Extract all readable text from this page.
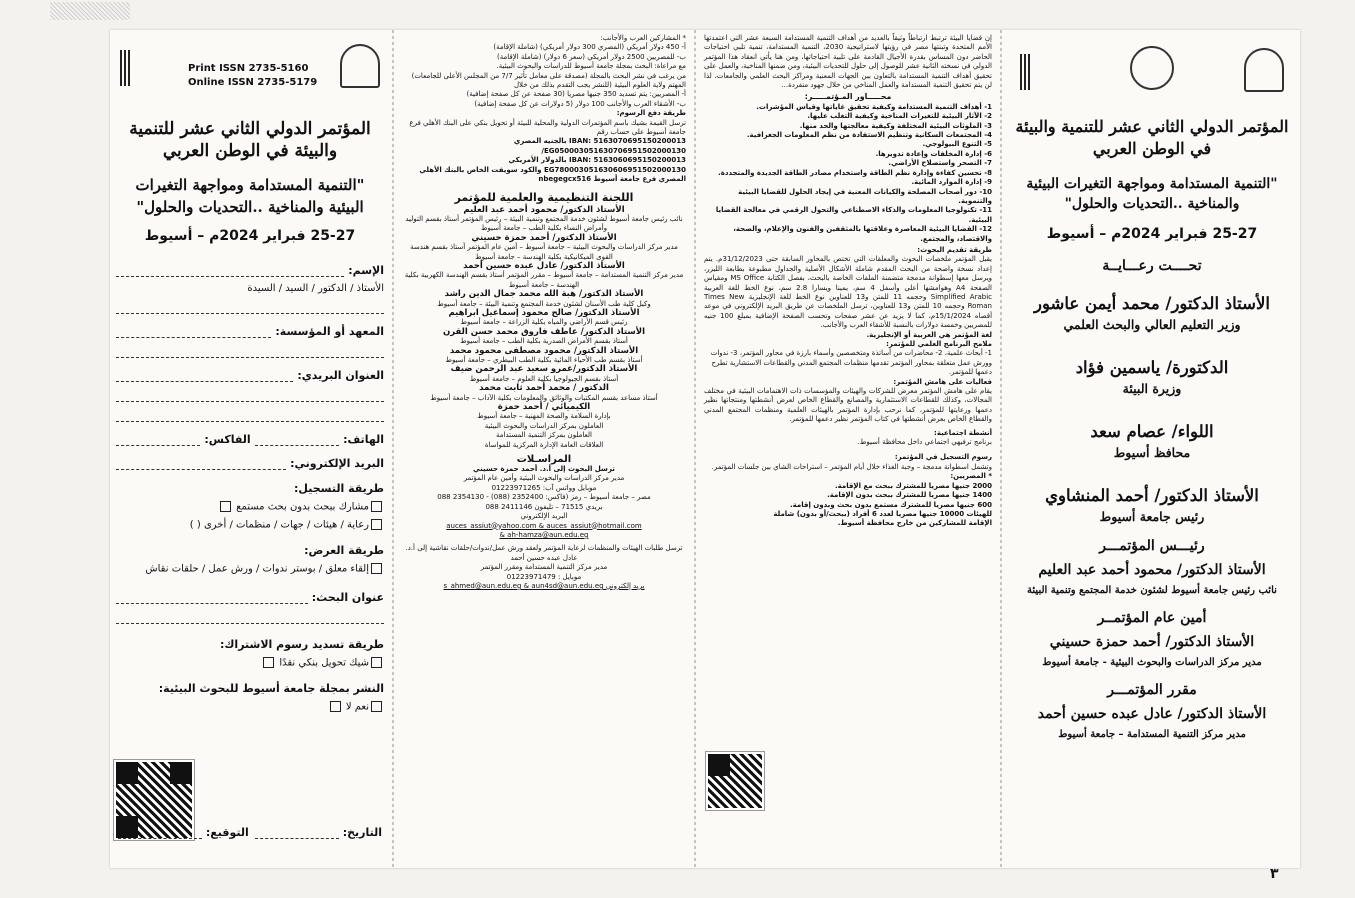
Print ISSN 2735-5160
Online ISSN 2735-5179
المؤتمر الدولي الثاني عشر للتنمية والبيئة في الوطن العربي
"التنمية المستدامة ومواجهة التغيرات البيئية والمناخية ..التحديات والحلول"
25-27 فبراير 2024م – أسيوط
الإسم:
الأستاذ / الدكتور / السيد / السيدة
المعهد أو المؤسسة:
العنوان البريدي:
الهاتف:
الفاكس:
البريد الإلكتروني:
طريقة التسجيل:
مشارك ببحث بدون بحث مستمع
رعاية / هيئات / جهات / منظمات / أخرى ( )
طريقة العرض:
إلقاء معلق / بوستر ندوات / ورش عمل / حلقات نقاش
عنوان البحث:
طريقة تسديد رسوم الاشتراك:
شيك تحويل بنكي نقدًا
النشر بمجلة جامعة أسيوط للبحوث البيئية:
نعم لا
التاريخ:
التوقيع:
* المشاركين العرب والأجانب:
أ- 450 دولار أمريكي (المصري 300 دولار أمريكي) (شاملة الإقامة)
ب- للمصريين 2500 دولار أمريكي (سعر 6 دولار) (شاملة الإقامة)
مع مراعاة: البحث بمجلة جامعة أسيوط للدراسات والبحوث البيئية.
من يرغب في نشر البحث بالمجلة (مصدقة على معامل تأثير 7/7 من المجلس الأعلى للجامعات) المهتم ولاية العلوم البيئية (للنشر يجب التقدم بذلك من خلال
أ- المصريين: يتم تسديد 350 جنيها مصريا (30 صفحة عن كل صفحة إضافية)
ب- الأشقاء العرب والأجانب 100 دولار (5 دولارات عن كل صفحة إضافية)
طريقة دفع الرسوم:
ترسل القيمة بشيك باسم المؤتمرات الدولية والمحلية للبيئة أو تحويل بنكي على البنك الأهلي فرع جامعة أسيوط على حساب رقم
IBAN: 5163070695150200013 بالجنيه المصري
/EG050003051630706951502000130
IBAN: 5163060695150200013 بالدولار الأمريكي
EG780003051630606951502000130 والكود سويفت الخاص بالبنك الأهلي المصري فرع جامعة أسيوط nbegegcx516
اللجنة التنظيمية والعلمية للمؤتمر
الأستاذ الدكتور/ محمود أحمد عبد العليم
نائب رئيس جامعة أسيوط لشئون خدمة المجتمع وتنمية البيئة – رئيس المؤتمر أستاذ بقسم التوليد وأمراض النساء بكلية الطب – جامعة أسيوط
الأستاذ الدكتور/ أحمد حمزة حسيني
مدير مركز الدراسات والبحوث البيئية – جامعة أسيوط – أمين عام المؤتمر أستاذ بقسم هندسة القوى الميكانيكية بكلية الهندسة – جامعة أسيوط
الأستاذ الدكتور/ عادل عبده حسين أحمد
مدير مركز التنمية المستدامة – جامعة أسيوط – مقرر المؤتمر أستاذ بقسم الهندسة الكهربية بكلية الهندسة – جامعة أسيوط
الأستاذ الدكتور/ هبة الله محمد جمال الدين راشد
وكيل كلية طب الأسنان لشئون خدمة المجتمع وتنمية البيئة – جامعة أسيوط
الأستاذ الدكتور/ صالح محمود إسماعيل ابراهيم
رئيس قسم الأراضي والمياه بكلية الزراعة – جامعة أسيوط
الأستاذ الدكتور/ عاطف فاروق محمد حسن القرن
أستاذ بقسم الأمراض الصدرية بكلية الطب – جامعة أسيوط
الأستاذ الدكتور/ محمود مصطفى محمود محمد
أستاذ بقسم طب الأحياء المائية بكلية الطب البيطري – جامعة أسيوط
الأستاذ الدكتور/عمرو سعيد عبد الرحمن ضيف
أستاذ بقسم الجيولوجيا بكلية العلوم – جامعة أسيوط
الدكتور / محمد أحمد ثابت محمد
أستاذ مساعد بقسم المكتبات والوثائق والمعلومات بكلية الآداب – جامعة أسيوط
الكيميائي / أحمد حمزة
بإدارة السلامة والصحة المهنية – جامعة أسيوط
العاملون بمركز الدراسات والبحوث البيئية
العاملون بمركز التنمية المستدامة
العلاقات العامة الإدارة المركزية للمواساة
المراسـلات
ترسل البحوث إلى أ.د. أحمد حمزة حسيني
مدير مركز الدراسات والبحوث البيئية وأمين عام المؤتمر
موبايل وواتس آب: 01223971265
مصر – جامعة أسيوط – رمز (فاكس: 2352400 (088) - 2354130 088
بريدي 71515 – تليفون 2411146 088
البريد الإلكتروني
auces_assiut@yahoo.com & auces_assiut@hotmail.com
& ah-hamza@aun.edu.eg
ترسل طلبات الهيئات والمنظمات لرعاية المؤتمر ولعقد ورش عمل/ندوات/حلقات نقاشية إلى أ.د. عادل عبده حسين أحمد
مدير مركز التنمية المستدامة ومقرر المؤتمر
موبايل : 01223971479
بريد إلكتروني s_ahmed@aun.edu.eg & aun4sd@aun.edu.eg
إن قضايا البيئة ترتبط ارتباطاً وثيقاً بالعديد من أهداف التنمية المستدامة السبعة عشر التي اعتمدتها الأمم المتحدة وتبنتها مصر في رؤيتها لاستراتيجية 2030، التنمية المستدامة، تنمية تلبي احتياجات الحاضر دون المساس بقدرة الأجيال القادمة على تلبية احتياجاتها، ومن هنا يأتي انعقاد هذا المؤتمر الدولي في نسخته الثانية عشر للوصول إلى حلول للتحديات البيئية، ومن ضمنها المناخية، والعمل على تحقيق أهداف التنمية المستدامة بالتعاون بين الجهات المعنية ومراكز البحث العلمي والجامعات، لذا لن يتم تحقيق التنمية المستدامة والعمل المناخي من خلال جهود منفردة...
محـــــاور المـؤتمـــــر:
1- أهداف التنمية المستدامة وكيفية تحقيق غاياتها وقياس المؤشرات.
2- الآثار البيئية للتغيرات المناخية وكيفية التغلب عليها.
3- الملوثات البيئية المختلفة وكيفية معالجتها والحد منها.
4- المجتمعات السكانية وتنظيم الاستفادة من نظم المعلومات الجغرافية.
5- التنوع البيولوجي.
6- إدارة المخلفات وإعادة تدويرها.
7- التصحر واستصلاح الأراضي.
8- تحسين كفاءة وإدارة نظم الطاقة واستخدام مصادر الطاقة الجديدة والمتجددة.
9- إدارة الموارد المائية.
10- دور أصحاب المصلحة والكيانات المعنية في إيجاد الحلول للقضايا البيئية والتنموية.
11- تكنولوجيا المعلومات والذكاء الاصطناعي والتحول الرقمي في معالجة القضايا البيئية.
12- القضايا البيئية المعاصرة وعلاقتها بالمثقفين والفنون والإعلام، والصحة، والاقتصاد، والمجتمع.
طريقة تقديم البحوث:
يقبل المؤتمر ملخصات البحوث والمعلقات التي تختص بالمحاور السابقة حتى 31/12/2023م. يتم إعداد نسخة واضحة من البحث المقدم شاملة الأشكال الأصلية والجداول مطبوعة بطابعة الليزر، ويرسل معها إسطوانة مدمجة متضمنة الملفات الخاصة بالبحث، بفصل الكتابة MS Office ومقياس الصفحة A4 وهوامشها أعلى وأسفل 4 سم، يمينا ويسارا 2.8 سم، نوع الخط للغة العربية Simplified Arabic وحجمه 11 للمتن و13 للعناوين نوع الخط للغة الإنجليزية Times New Roman وحجمه 10 للمتن و13 للعناوين، ترسل الملخصات عن طريق البريد الإلكتروني في موعد أقصاه 15/1/2024م، كما لا يزيد عن عشر صفحات وتحسب الصفحة الإضافية بمبلغ 100 جنيه للمصريين وخمسة دولارات بالنسبة للأشقاء العرب والأجانب.
لغة المؤتمر هي العربية أو الإنجليزية.
ملامح البرنامج العلمي للمؤتمر:
1- أبحاث علمية، 2- محاضرات من أساتذة ومتخصصين وأسماء بارزة في محاور المؤتمر، 3- ندوات وورش عمل متعلقة بمحاور المؤتمر تقدمها منظمات المجتمع المدني والقطاعات الاستشارية تطرح دعمها للمؤتمر.
فعاليات على هامش المؤتمر:
يقام على هامش المؤتمر معرض للشركات والهيئات والمؤسسات ذات الاهتمامات البيئية في مختلف المجالات، وكذلك للقطاعات الاستثمارية والمصانع والقطاع الخاص لعرض أنشطتها ومنتجاتها نظير دعمها ورعايتها للمؤتمر، كما نرحب بإدارة المؤتمر بالهيئات العلمية ومنظمات المجتمع المدني والقطاع الخاص بعرض أنشطتها في كتاب المؤتمر نظير دعمها للمؤتمر.
أنشطة اجتماعية:
برنامج ترفيهي اجتماعي داخل محافظة أسيوط.
رسوم التسجيل في المؤتمر:
وتشمل اسطوانة مدمجة – وجبة الغذاء خلال أيام المؤتمر – استراحات الشاي بين جلسات المؤتمر.
* المصريين:
2000 جنيها مصريا للمشترك ببحث مع الإقامة.
1400 جنيها مصريا للمشترك ببحث بدون الإقامة.
600 جنيها مصريا للمشترك مستمع بدون بحث وبدون إقامة.
للهيئات 10000 جنيها مصريا لعدد 6 أفراد (ببحث/أو بدون) شاملة الإقامة للمشاركين من خارج محافظة أسيوط.
المؤتمر الدولي الثاني عشر للتنمية والبيئة في الوطن العربي
"التنمية المستدامة ومواجهة التغيرات البيئية والمناخية ..التحديات والحلول"
25-27 فبراير 2024م – أسيوط
تحــــت رعـــايــة
الأستاذ الدكتور/ محمد أيمن عاشور
وزير التعليم العالي والبحث العلمي
الدكتورة/ ياسمين فؤاد
وزيرة البيئة
اللواء/ عصام سعد
محافظ أسيوط
الأستاذ الدكتور/ أحمد المنشاوي
رئيس جامعة أسيوط
رئيـــس المؤتمـــر
الأستاذ الدكتور/ محمود أحمد عبد العليم
نائب رئيس جامعة أسيوط لشئون خدمة المجتمع وتنمية البيئة
أمين عام المؤتمــر
الأستاذ الدكتور/ أحمد حمزة حسيني
مدير مركز الدراسات والبحوث البيئية - جامعة أسيوط
مقرر المؤتمـــر
الأستاذ الدكتور/ عادل عبده حسين أحمد
مدير مركز التنمية المستدامة – جامعة أسيوط
٣
